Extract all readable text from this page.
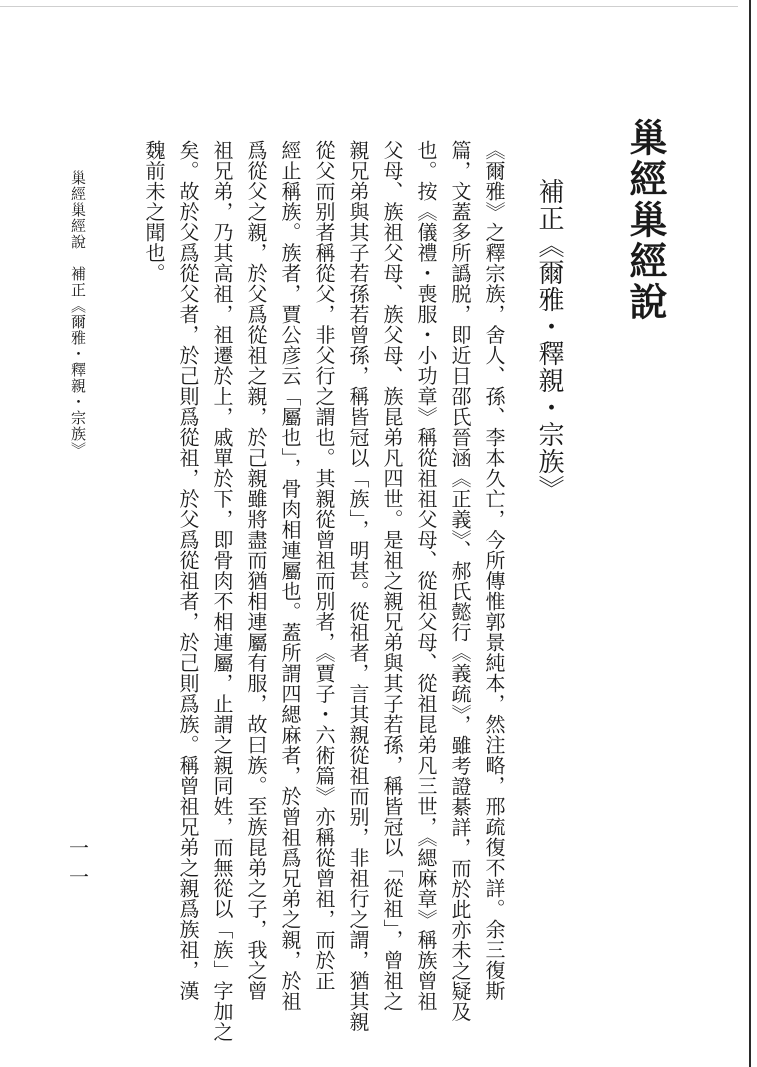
巢經巢經說
補正《爾雅・釋親・宗族》
《爾雅》之釋宗族，舍人、孫、李本久亡，今所傳惟郭景純本，然注略，邢疏復不詳。余三復斯
篇，文蓋多所譌脱，即近日邵氏晉涵《正義》、郝氏懿行《義疏》，雖考證綦詳，而於此亦未之疑及
也。按《儀禮・喪服・小功章》稱從祖祖父母、從祖父母、從祖昆弟凡三世，《緦麻章》稱族曾祖
父母、族祖父母、族父母、族昆弟凡四世。是祖之親兄弟與其子若孫，稱皆冠以「從祖」，曾祖之
親兄弟與其子若孫若曾孫，稱皆冠以「族」，明甚。從祖者，言其親從祖而别，非祖行之謂，猶其親
從父而别者稱從父，非父行之謂也。其親從曾祖而別者，《賈子・六術篇》亦稱從曾祖，而於正
經止稱族。族者，賈公彦云「屬也」，骨肉相連屬也。蓋所謂四緦麻者，於曾祖爲兄弟之親，於祖
爲從父之親，於父爲從祖之親，於己親雖將盡而猶相連屬有服，故曰族。至族昆弟之子，我之曾
祖兄弟，乃其高祖，祖遷於上，戚單於下，即骨肉不相連屬，止謂之親同姓，而無從以「族」字加之
矣。故於父爲從父者，於己則爲從祖，於父爲從祖者，於己則爲族。稱曾祖兄弟之親爲族祖，漢
魏前未之聞也。
巢經巢經說　補正《爾雅・釋親・宗族》
一一
